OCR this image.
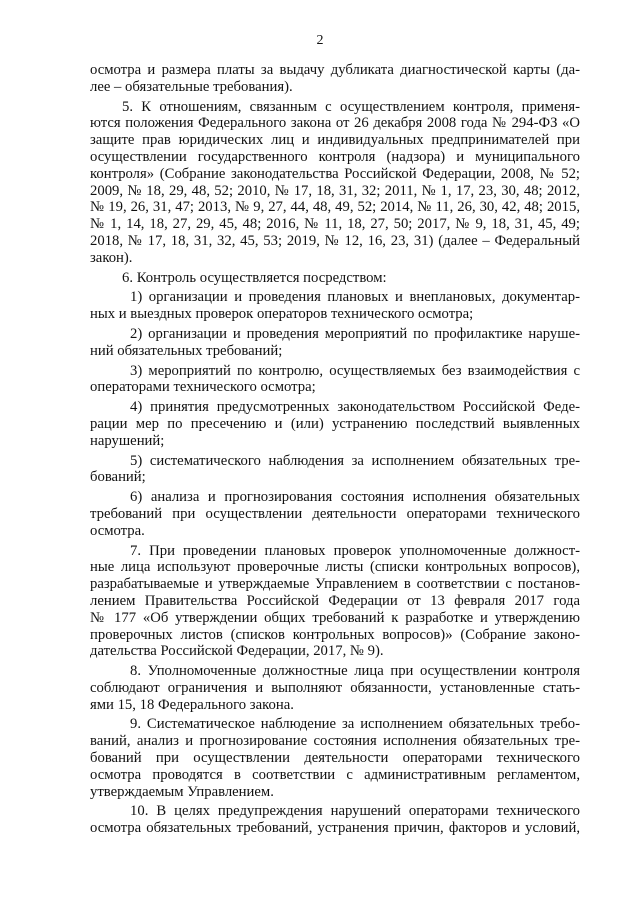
2
осмотра и размера платы за выдачу дубликата диагностической карты (да-
лее – обязательные требования).
5. К отношениям, связанным с осуществлением контроля, применя-
ются положения Федерального закона от 26 декабря 2008 года № 294-ФЗ «О
защите прав юридических лиц и индивидуальных предпринимателей при
осуществлении государственного контроля (надзора) и муниципального
контроля» (Собрание законодательства Российской Федерации, 2008, № 52;
2009, № 18, 29, 48, 52; 2010, № 17, 18, 31, 32; 2011, № 1, 17, 23, 30, 48; 2012,
№ 19, 26, 31, 47; 2013, № 9, 27, 44, 48, 49, 52; 2014, № 11, 26, 30, 42, 48; 2015,
№ 1, 14, 18, 27, 29, 45, 48; 2016, № 11, 18, 27, 50; 2017, № 9, 18, 31, 45, 49;
2018, № 17, 18, 31, 32, 45, 53; 2019, № 12, 16, 23, 31) (далее – Федеральный
закон).
6. Контроль осуществляется посредством:
1) организации и проведения плановых и внеплановых, документар-
ных и выездных проверок операторов технического осмотра;
2) организации и проведения мероприятий по профилактике наруше-
ний обязательных требований;
3) мероприятий по контролю, осуществляемых без взаимодействия с
операторами технического осмотра;
4) принятия предусмотренных законодательством Российской Феде-
рации мер по пресечению и (или) устранению последствий выявленных
нарушений;
5) систематического наблюдения за исполнением обязательных тре-
бований;
6) анализа и прогнозирования состояния исполнения обязательных
требований при осуществлении деятельности операторами технического
осмотра.
7. При проведении плановых проверок уполномоченные должност-
ные лица используют проверочные листы (списки контрольных вопросов),
разрабатываемые и утверждаемые Управлением в соответствии с постанов-
лением Правительства Российской Федерации от 13 февраля 2017 года
№ 177 «Об утверждении общих требований к разработке и утверждению
проверочных листов (списков контрольных вопросов)» (Собрание законо-
дательства Российской Федерации, 2017, № 9).
8. Уполномоченные должностные лица при осуществлении контроля
соблюдают ограничения и выполняют обязанности, установленные стать-
ями 15, 18 Федерального закона.
9. Систематическое наблюдение за исполнением обязательных требо-
ваний, анализ и прогнозирование состояния исполнения обязательных тре-
бований при осуществлении деятельности операторами технического
осмотра проводятся в соответствии с административным регламентом,
утверждаемым Управлением.
10. В целях предупреждения нарушений операторами технического
осмотра обязательных требований, устранения причин, факторов и условий,
